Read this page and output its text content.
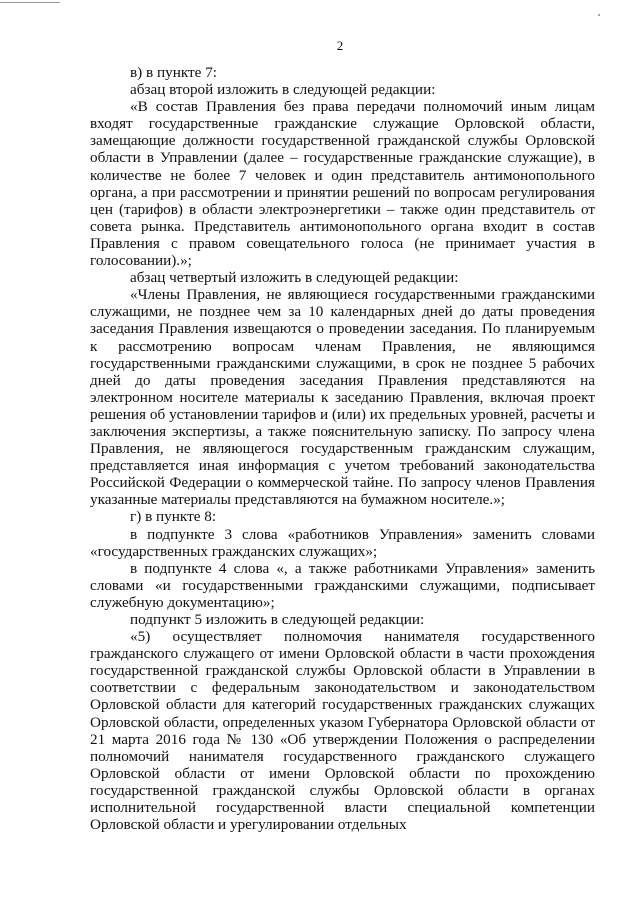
2

в) в пункте 7:

абзац второй изложить в следующей редакции:

«В состав Правления без права передачи полномочий иным лицам входят государственные гражданские служащие Орловской области, замещающие должности государственной гражданской службы Орловской области в Управлении (далее – государственные гражданские служащие), в количестве не более 7 человек и один представитель антимонопольного органа, а при рассмотрении и принятии решений по вопросам регулирования цен (тарифов) в области электроэнергетики – также один представитель от совета рынка. Представитель антимонопольного органа входит в состав Правления с правом совещательного голоса (не принимает участия в голосовании).»;

абзац четвертый изложить в следующей редакции:

«Члены Правления, не являющиеся государственными гражданскими служащими, не позднее чем за 10 календарных дней до даты проведения заседания Правления извещаются о проведении заседания. По планируемым к рассмотрению вопросам членам Правления, не являющимся государственными гражданскими служащими, в срок не позднее 5 рабочих дней до даты проведения заседания Правления представляются на электронном носителе материалы к заседанию Правления, включая проект решения об установлении тарифов и (или) их предельных уровней, расчеты и заключения экспертизы, а также пояснительную записку. По запросу члена Правления, не являющегося государственным гражданским служащим, представляется иная информация с учетом требований законодательства Российской Федерации о коммерческой тайне. По запросу членов Правления указанные материалы представляются на бумажном носителе.»;

г) в пункте 8:

в подпункте 3 слова «работников Управления» заменить словами «государственных гражданских служащих»;

в подпункте 4 слова «, а также работниками Управления» заменить словами «и государственными гражданскими служащими, подписывает служебную документацию»;

подпункт 5 изложить в следующей редакции:

«5) осуществляет полномочия нанимателя государственного гражданского служащего от имени Орловской области в части прохождения государственной гражданской службы Орловской области в Управлении в соответствии с федеральным законодательством и законодательством Орловской области для категорий государственных гражданских служащих Орловской области, определенных указом Губернатора Орловской области от 21 марта 2016 года № 130 «Об утверждении Положения о распределении полномочий нанимателя государственного гражданского служащего Орловской области от имени Орловской области по прохождению государственной гражданской службы Орловской области в органах исполнительной государственной власти специальной компетенции Орловской области и урегулировании отдельных
